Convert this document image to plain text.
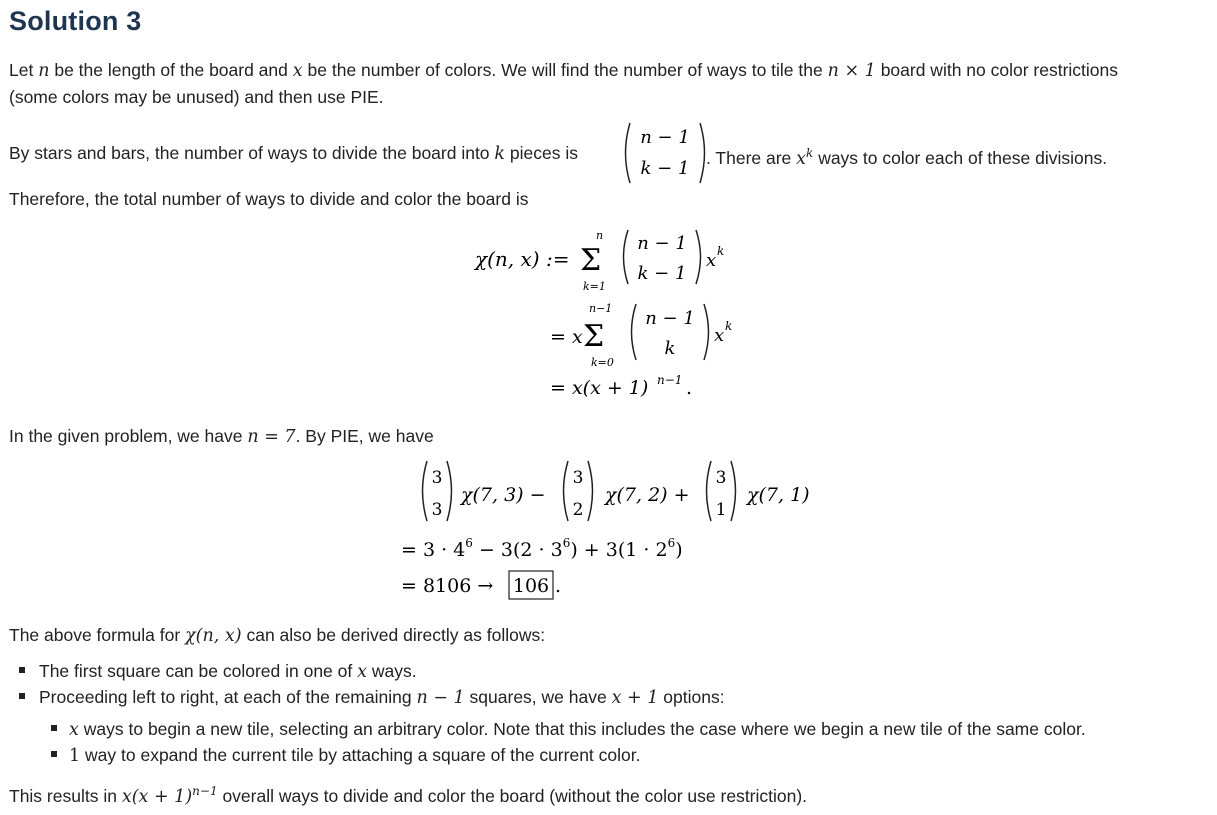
Solution 3
Let n be the length of the board and x be the number of colors. We will find the number of ways to tile the n × 1 board with no color restrictions
(some colors may be unused) and then use PIE.
By stars and bars, the number of ways to divide the board into k pieces is
n − 1
k − 1
. There are $x^k$ ways to color each of these divisions.
Therefore, the total number of ways to divide and color the board is
χ(n, x) :=
n
Σ
k=1
n − 1
k − 1
x k
= x
n−1
Σ
k=0
n − 1
k
x k
= x(x + 1) n−1 .
In the given problem, we have n = 7. By PIE, we have
3
3
χ(7, 3) −
3
2
χ(7, 2) +
3
1
χ(7, 1)
= $3 \cdot 4^6 - 3(2 \cdot 3^6) + 3(1 \cdot 2^6)$
= 8106 → 106 .
The above formula for χ(n, x) can also be derived directly as follows:
The first square can be colored in one of x ways.
Proceeding left to right, at each of the remaining n − 1 squares, we have x + 1 options:
x ways to begin a new tile, selecting an arbitrary color. Note that this includes the case where we begin a new tile of the same color.
1 way to expand the current tile by attaching a square of the current color.
This results in $x(x + 1)^{n-1}$ overall ways to divide and color the board (without the color use restriction).
